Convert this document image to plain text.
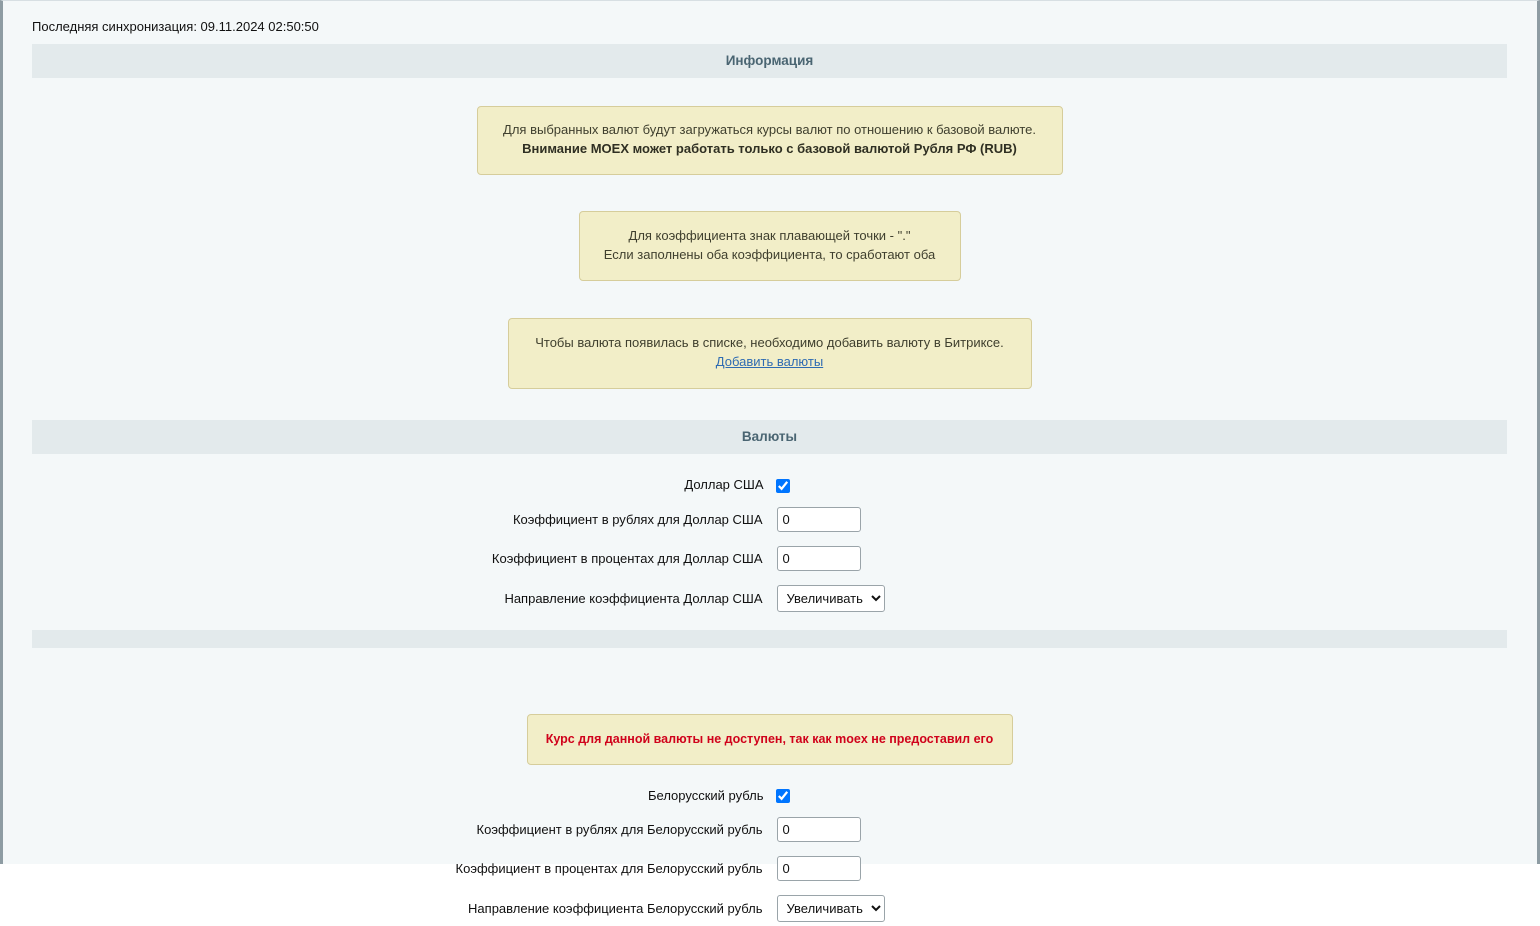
Последняя синхронизация: 09.11.2024 02:50:50
Информация
Для выбранных валют будут загружаться курсы валют по отношению к базовой валюте.
Внимание MOEX может работать только с базовой валютой Рубля РФ (RUB)
Для коэффициента знак плавающей точки - "."
Если заполнены оба коэффициента, то сработают оба
Чтобы валюта появилась в списке, необходимо добавить валюту в Битриксе.
Добавить валюты
Валюты
Доллар США
Коэффициент в рублях для Доллар США
0
Коэффициент в процентах для Доллар США
0
Направление коэффициента Доллар США
Увеличивать
Курс для данной валюты не доступен, так как moex не предоставил его
Белорусский рубль
Коэффициент в рублях для Белорусский рубль
0
Коэффициент в процентах для Белорусский рубль
0
Направление коэффициента Белорусский рубль
Увеличивать
